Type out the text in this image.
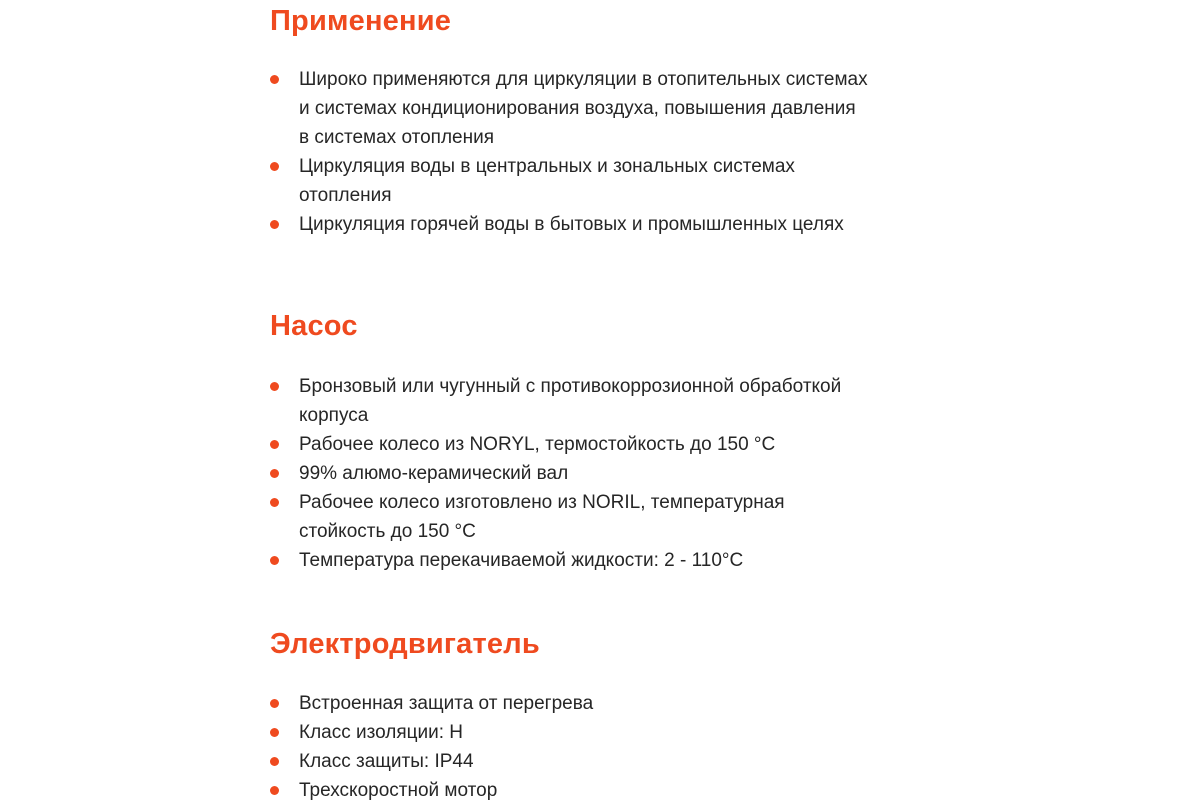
Применение
Широко применяются для циркуляции в отопительных системах
и системах кондиционирования воздуха, повышения давления
в системах отопления
Циркуляция воды в центральных и зональных системах
отопления
Циркуляция горячей воды в бытовых и промышленных целях
Насос
Бронзовый или чугунный с противокоррозионной обработкой
корпуса
Рабочее колесо из NORYL, термостойкость до 150 °C
99% алюмо-керамический вал
Рабочее колесо изготовлено из NORIL, температурная
стойкость до 150 °C
Температура перекачиваемой жидкости: 2 - 110°C
Электродвигатель
Встроенная защита от перегрева
Класс изоляции: H
Класс защиты: IP44
Трехскоростной мотор
